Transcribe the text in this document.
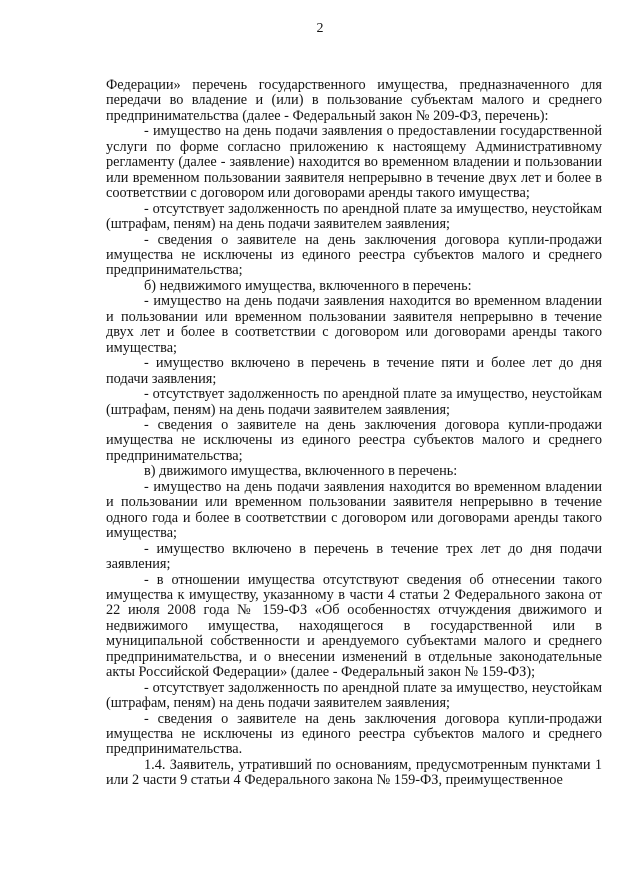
2

Федерации» перечень государственного имущества, предназначенного для передачи во владение и (или) в пользование субъектам малого и среднего предпринимательства (далее - Федеральный закон № 209-ФЗ, перечень):

- имущество на день подачи заявления о предоставлении государственной услуги по форме согласно приложению к настоящему Административному регламенту (далее - заявление) находится во временном владении и пользовании или временном пользовании заявителя непрерывно в течение двух лет и более в соответствии с договором или договорами аренды такого имущества;

- отсутствует задолженность по арендной плате за имущество, неустойкам (штрафам, пеням) на день подачи заявителем заявления;

- сведения о заявителе на день заключения договора купли-продажи имущества не исключены из единого реестра субъектов малого и среднего предпринимательства;

б) недвижимого имущества, включенного в перечень:

- имущество на день подачи заявления находится во временном владении и пользовании или временном пользовании заявителя непрерывно в течение двух лет и более в соответствии с договором или договорами аренды такого имущества;

- имущество включено в перечень в течение пяти и более лет до дня подачи заявления;

- отсутствует задолженность по арендной плате за имущество, неустойкам (штрафам, пеням) на день подачи заявителем заявления;

- сведения о заявителе на день заключения договора купли-продажи имущества не исключены из единого реестра субъектов малого и среднего предпринимательства;

в) движимого имущества, включенного в перечень:

- имущество на день подачи заявления находится во временном владении и пользовании или временном пользовании заявителя непрерывно в течение одного года и более в соответствии с договором или договорами аренды такого имущества;

- имущество включено в перечень в течение трех лет до дня подачи заявления;

- в отношении имущества отсутствуют сведения об отнесении такого имущества к имуществу, указанному в части 4 статьи 2 Федерального закона от 22 июля 2008 года № 159-ФЗ «Об особенностях отчуждения движимого и недвижимого имущества, находящегося в государственной или в муниципальной собственности и арендуемого субъектами малого и среднего предпринимательства, и о внесении изменений в отдельные законодательные акты Российской Федерации» (далее - Федеральный закон № 159-ФЗ);

- отсутствует задолженность по арендной плате за имущество, неустойкам (штрафам, пеням) на день подачи заявителем заявления;

- сведения о заявителе на день заключения договора купли-продажи имущества не исключены из единого реестра субъектов малого и среднего предпринимательства.

1.4. Заявитель, утративший по основаниям, предусмотренным пунктами 1 или 2 части 9 статьи 4 Федерального закона № 159-ФЗ, преимущественное
